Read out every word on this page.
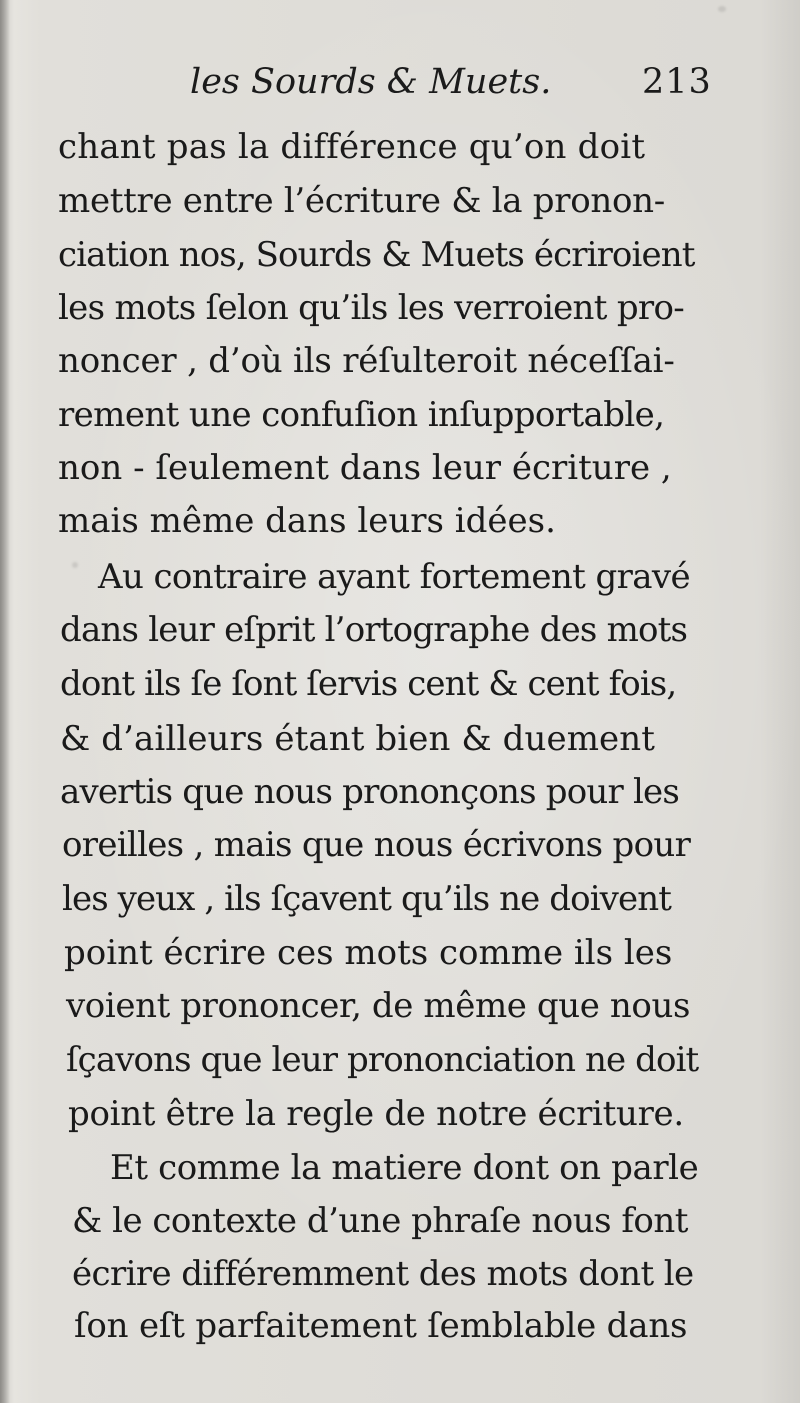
les Sourds & Muets.	213
chant pas la différence qu’on doit
mettre entre l’écriture & la pronon-
ciation nos, Sourds & Muets écriroient
les mots ſelon qu’ils les verroient pro-
noncer , d’où ils réſulteroit néceſſai-
rement une confuſion inſupportable,
non - ſeulement dans leur écriture ,
mais même dans leurs idées.
Au contraire ayant fortement gravé
dans leur eſprit l’ortographe des mots
dont ils ſe ſont ſervis cent & cent fois,
& d’ailleurs étant bien & duement
avertis que nous prononçons pour les
oreilles , mais que nous écrivons pour
les yeux , ils ſçavent qu’ils ne doivent
point écrire ces mots comme ils les
voient prononcer, de même que nous
ſçavons que leur prononciation ne doit
point être la regle de notre écriture.
Et comme la matiere dont on parle
& le contexte d’une phraſe nous font
écrire différemment des mots dont le
ſon eſt parfaitement ſemblable dans
